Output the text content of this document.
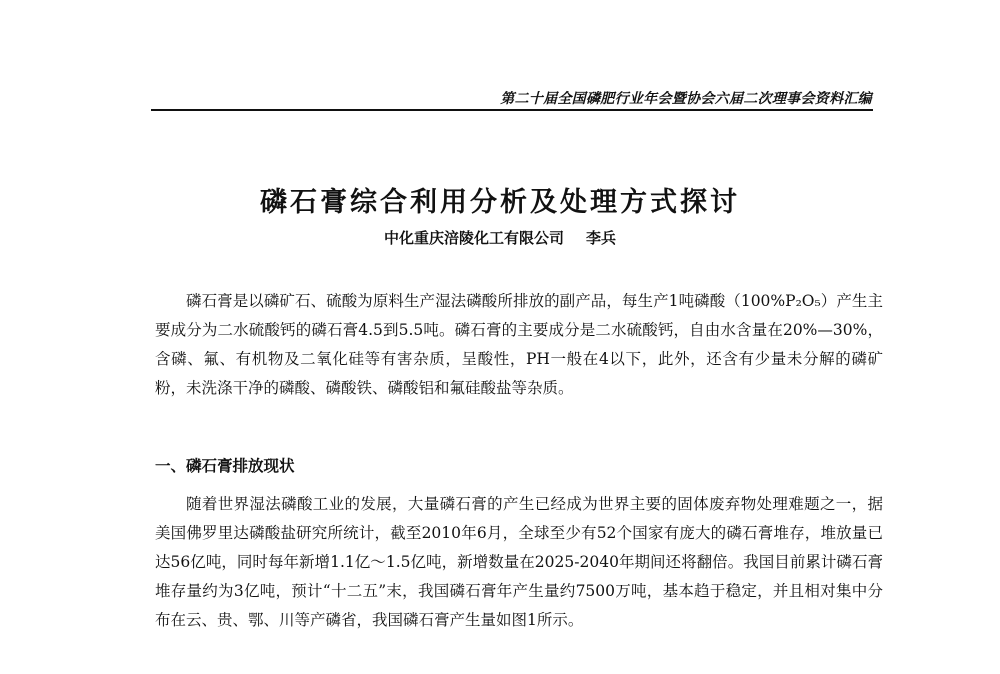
第二十届全国磷肥行业年会暨协会六届二次理事会资料汇编
磷石膏综合利用分析及处理方式探讨
中化重庆涪陵化工有限公司 李兵

磷石膏是以磷矿石、硫酸为原料生产湿法磷酸所排放的副产品，每生产1吨磷酸（100%P₂O₅）产生主要成分为二水硫酸钙的磷石膏4.5到5.5吨。磷石膏的主要成分是二水硫酸钙，自由水含量在20%—30%，含磷、氟、有机物及二氧化硅等有害杂质，呈酸性，PH一般在4以下，此外，还含有少量未分解的磷矿粉，未洗涤干净的磷酸、磷酸铁、磷酸铝和氟硅酸盐等杂质。

一、磷石膏排放现状

随着世界湿法磷酸工业的发展，大量磷石膏的产生已经成为世界主要的固体废弃物处理难题之一，据美国佛罗里达磷酸盐研究所统计，截至2010年6月，全球至少有52个国家有庞大的磷石膏堆存，堆放量已达56亿吨，同时每年新增1.1亿～1.5亿吨，新增数量在2025-2040年期间还将翻倍。我国目前累计磷石膏堆存量约为3亿吨，预计“十二五”末，我国磷石膏年产生量约7500万吨，基本趋于稳定，并且相对集中分布在云、贵、鄂、川等产磷省，我国磷石膏产生量如图1所示。
